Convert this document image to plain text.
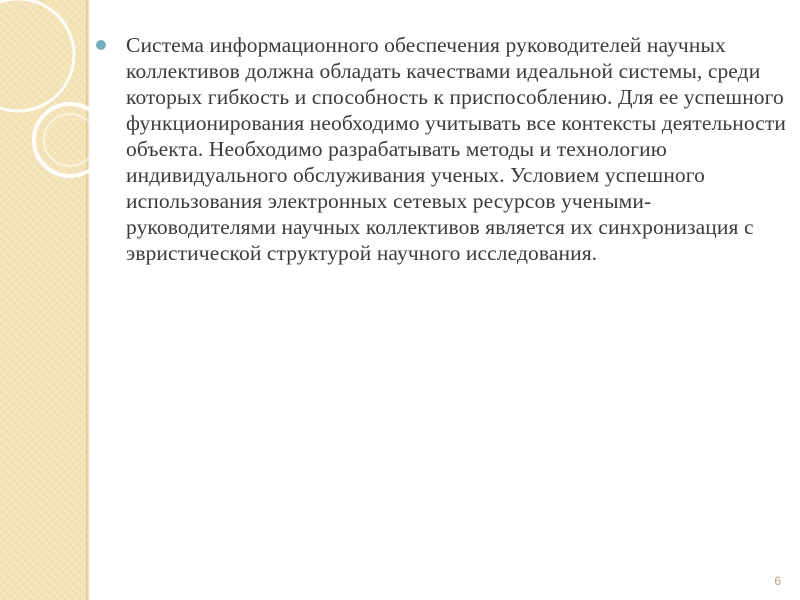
Система информационного обеспечения руководителей научных коллективов должна обладать качествами идеальной системы, среди которых гибкость и способность к приспособлению. Для ее успешного функционирования необходимо учитывать все контексты деятельности объекта. Необходимо разрабатывать методы и технологию индивидуального обслуживания ученых. Условием успешного использования электронных сетевых ресурсов учеными-руководителями научных коллективов является их синхронизация с эвристической структурой научного исследования.

6
